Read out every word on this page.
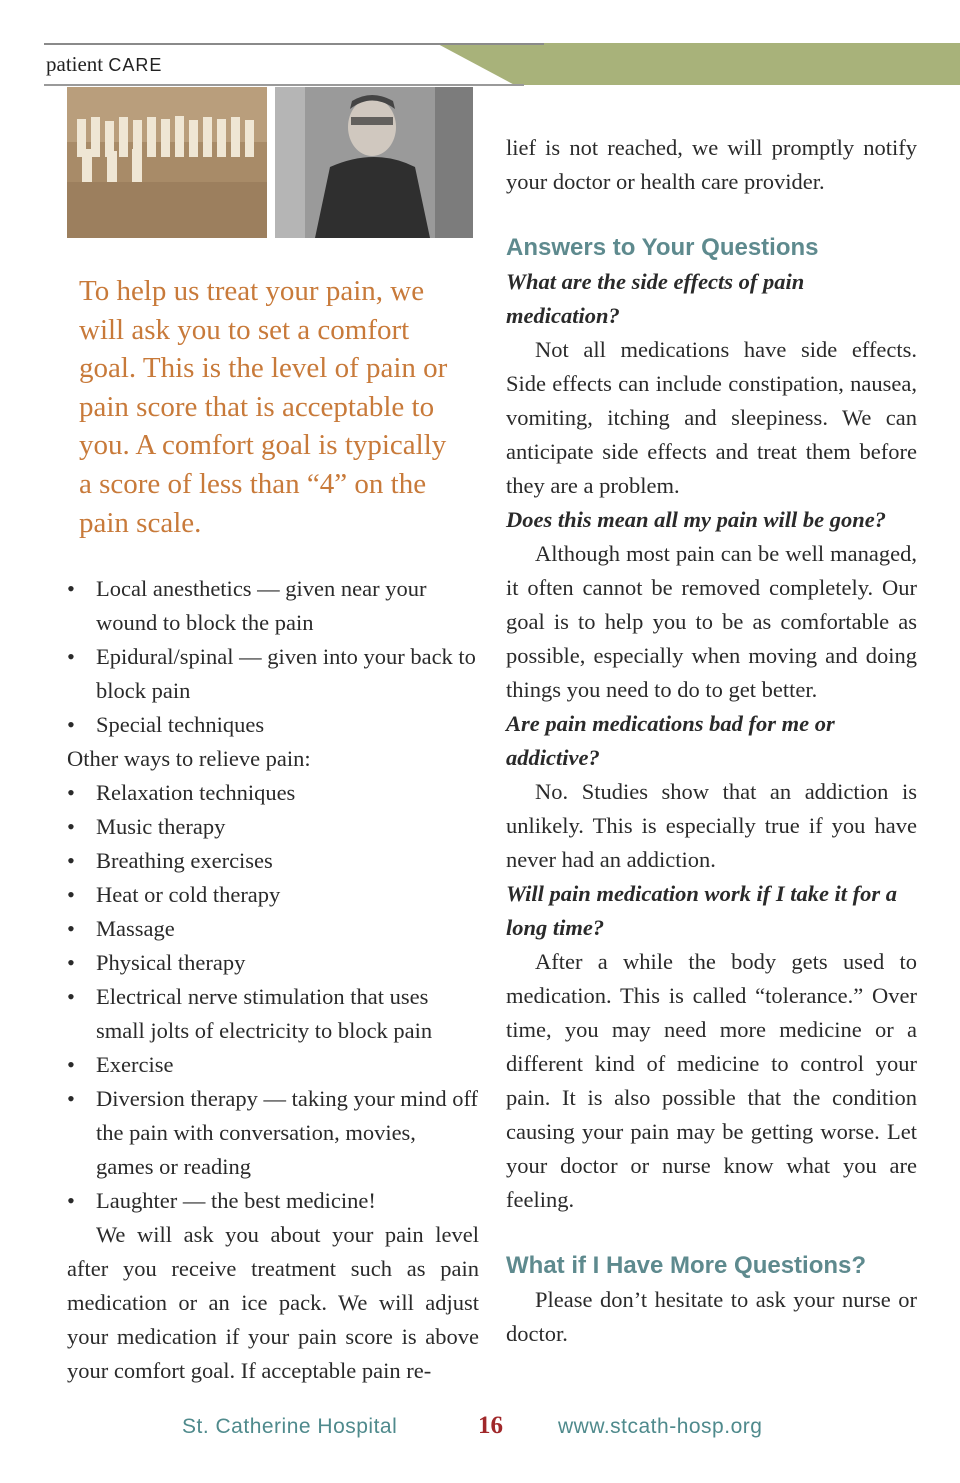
patient CARE
To help us treat your pain, we will ask you to set a comfort goal. This is the level of pain or pain score that is acceptable to you. A comfort goal is typically a score of less than “4” on the pain scale.
• Local anesthetics — given near your wound to block the pain
• Epidural/spinal — given into your back to block pain
• Special techniques

Other ways to relieve pain:

• Relaxation techniques
• Music therapy
• Breathing exercises
• Heat or cold therapy
• Massage
• Physical therapy
• Electrical nerve stimulation that uses small jolts of electricity to block pain
• Exercise
• Diversion therapy — taking your mind off the pain with conversation, movies, games or reading
• Laughter — the best medicine!

We will ask you about your pain level after you receive treatment such as pain medication or an ice pack. We will adjust your medication if your pain score is above your comfort goal. If acceptable pain re-

lief is not reached, we will promptly notify your doctor or health care provider.

Answers to Your Questions

What are the side effects of pain medication?

Not all medications have side effects. Side effects can include constipation, nausea, vomiting, itching and sleepiness. We can anticipate side effects and treat them before they are a problem.

Does this mean all my pain will be gone?

Although most pain can be well managed, it often cannot be removed completely. Our goal is to help you to be as comfortable as possible, especially when moving and doing things you need to do to get better.

Are pain medications bad for me or addictive?

No. Studies show that an addiction is unlikely. This is especially true if you have never had an addiction.

Will pain medication work if I take it for a long time?

After a while the body gets used to medication. This is called “tolerance.” Over time, you may need more medicine or a different kind of medicine to control your pain. It is also possible that the condition causing your pain may be getting worse. Let your doctor or nurse know what you are feeling.

What if I Have More Questions?

Please don’t hesitate to ask your nurse or doctor.

St. Catherine Hospital	16	www.stcath-hosp.org
